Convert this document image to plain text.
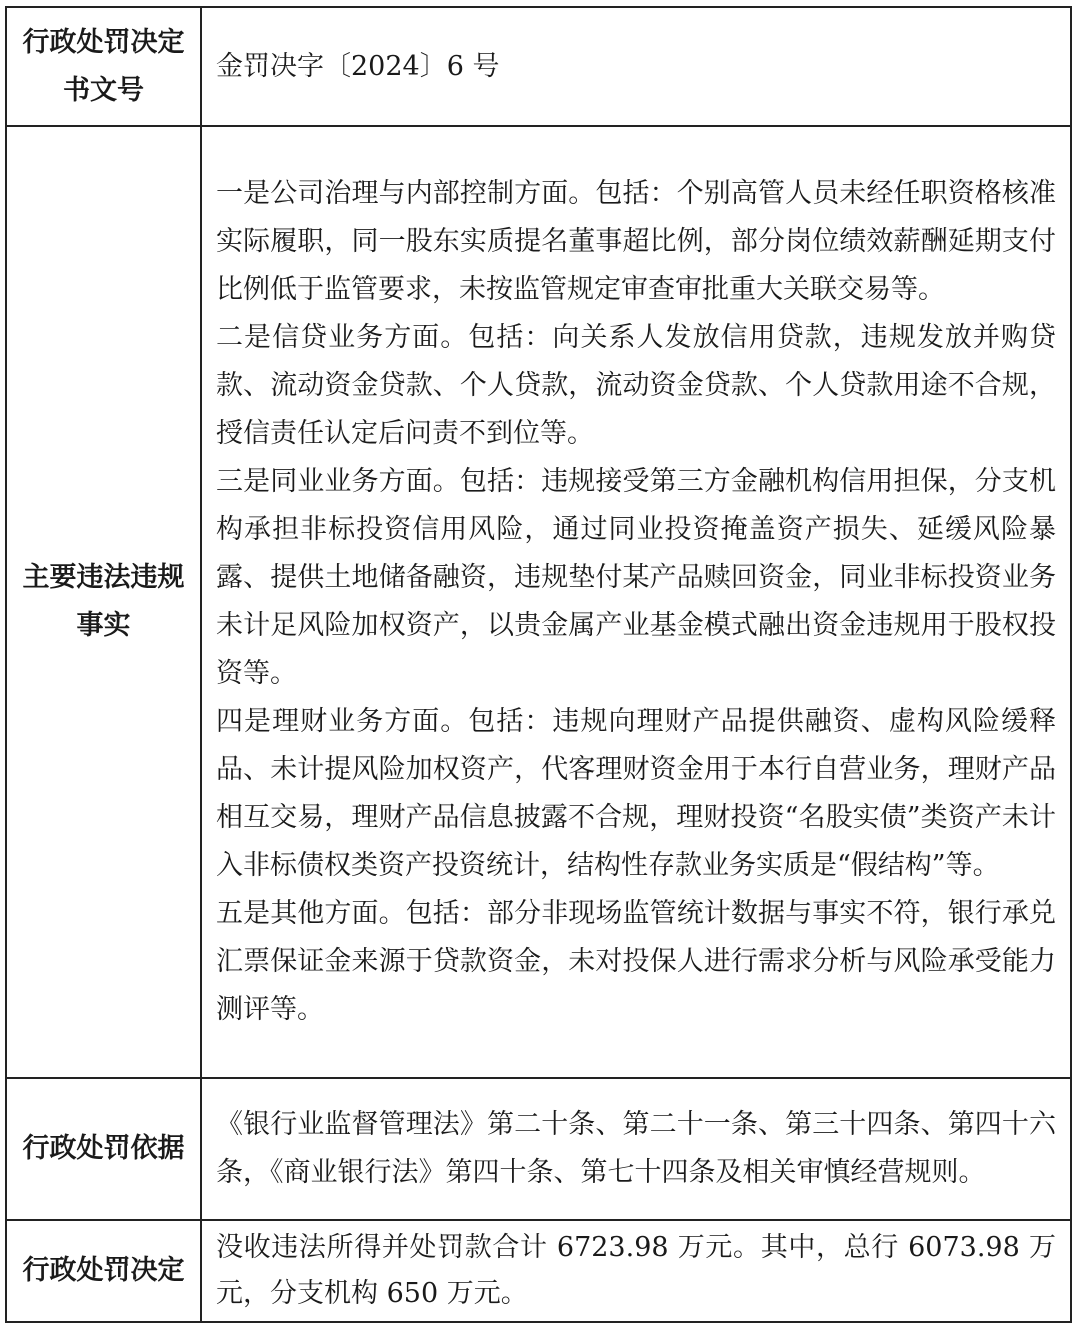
行政处罚决定书文号	金罚决字〔2024〕6 号

主要违法违规事实	一是公司治理与内部控制方面。包括：个别高管人员未经任职资格核准实际履职，同一股东实质提名董事超比例，部分岗位绩效薪酬延期支付比例低于监管要求，未按监管规定审查审批重大关联交易等。
二是信贷业务方面。包括：向关系人发放信用贷款，违规发放并购贷款、流动资金贷款、个人贷款，流动资金贷款、个人贷款用途不合规，授信责任认定后问责不到位等。
三是同业业务方面。包括：违规接受第三方金融机构信用担保，分支机构承担非标投资信用风险，通过同业投资掩盖资产损失、延缓风险暴露、提供土地储备融资，违规垫付某产品赎回资金，同业非标投资业务未计足风险加权资产，以贵金属产业基金模式融出资金违规用于股权投资等。
四是理财业务方面。包括：违规向理财产品提供融资、虚构风险缓释品、未计提风险加权资产，代客理财资金用于本行自营业务，理财产品相互交易，理财产品信息披露不合规，理财投资“名股实债”类资产未计入非标债权类资产投资统计，结构性存款业务实质是“假结构”等。
五是其他方面。包括：部分非现场监管统计数据与事实不符，银行承兑汇票保证金来源于贷款资金，未对投保人进行需求分析与风险承受能力测评等。

行政处罚依据	《银行业监督管理法》第二十条、第二十一条、第三十四条、第四十六条，《商业银行法》第四十条、第七十四条及相关审慎经营规则。

行政处罚决定	没收违法所得并处罚款合计 6723.98 万元。其中，总行 6073.98 万元，分支机构 650 万元。
